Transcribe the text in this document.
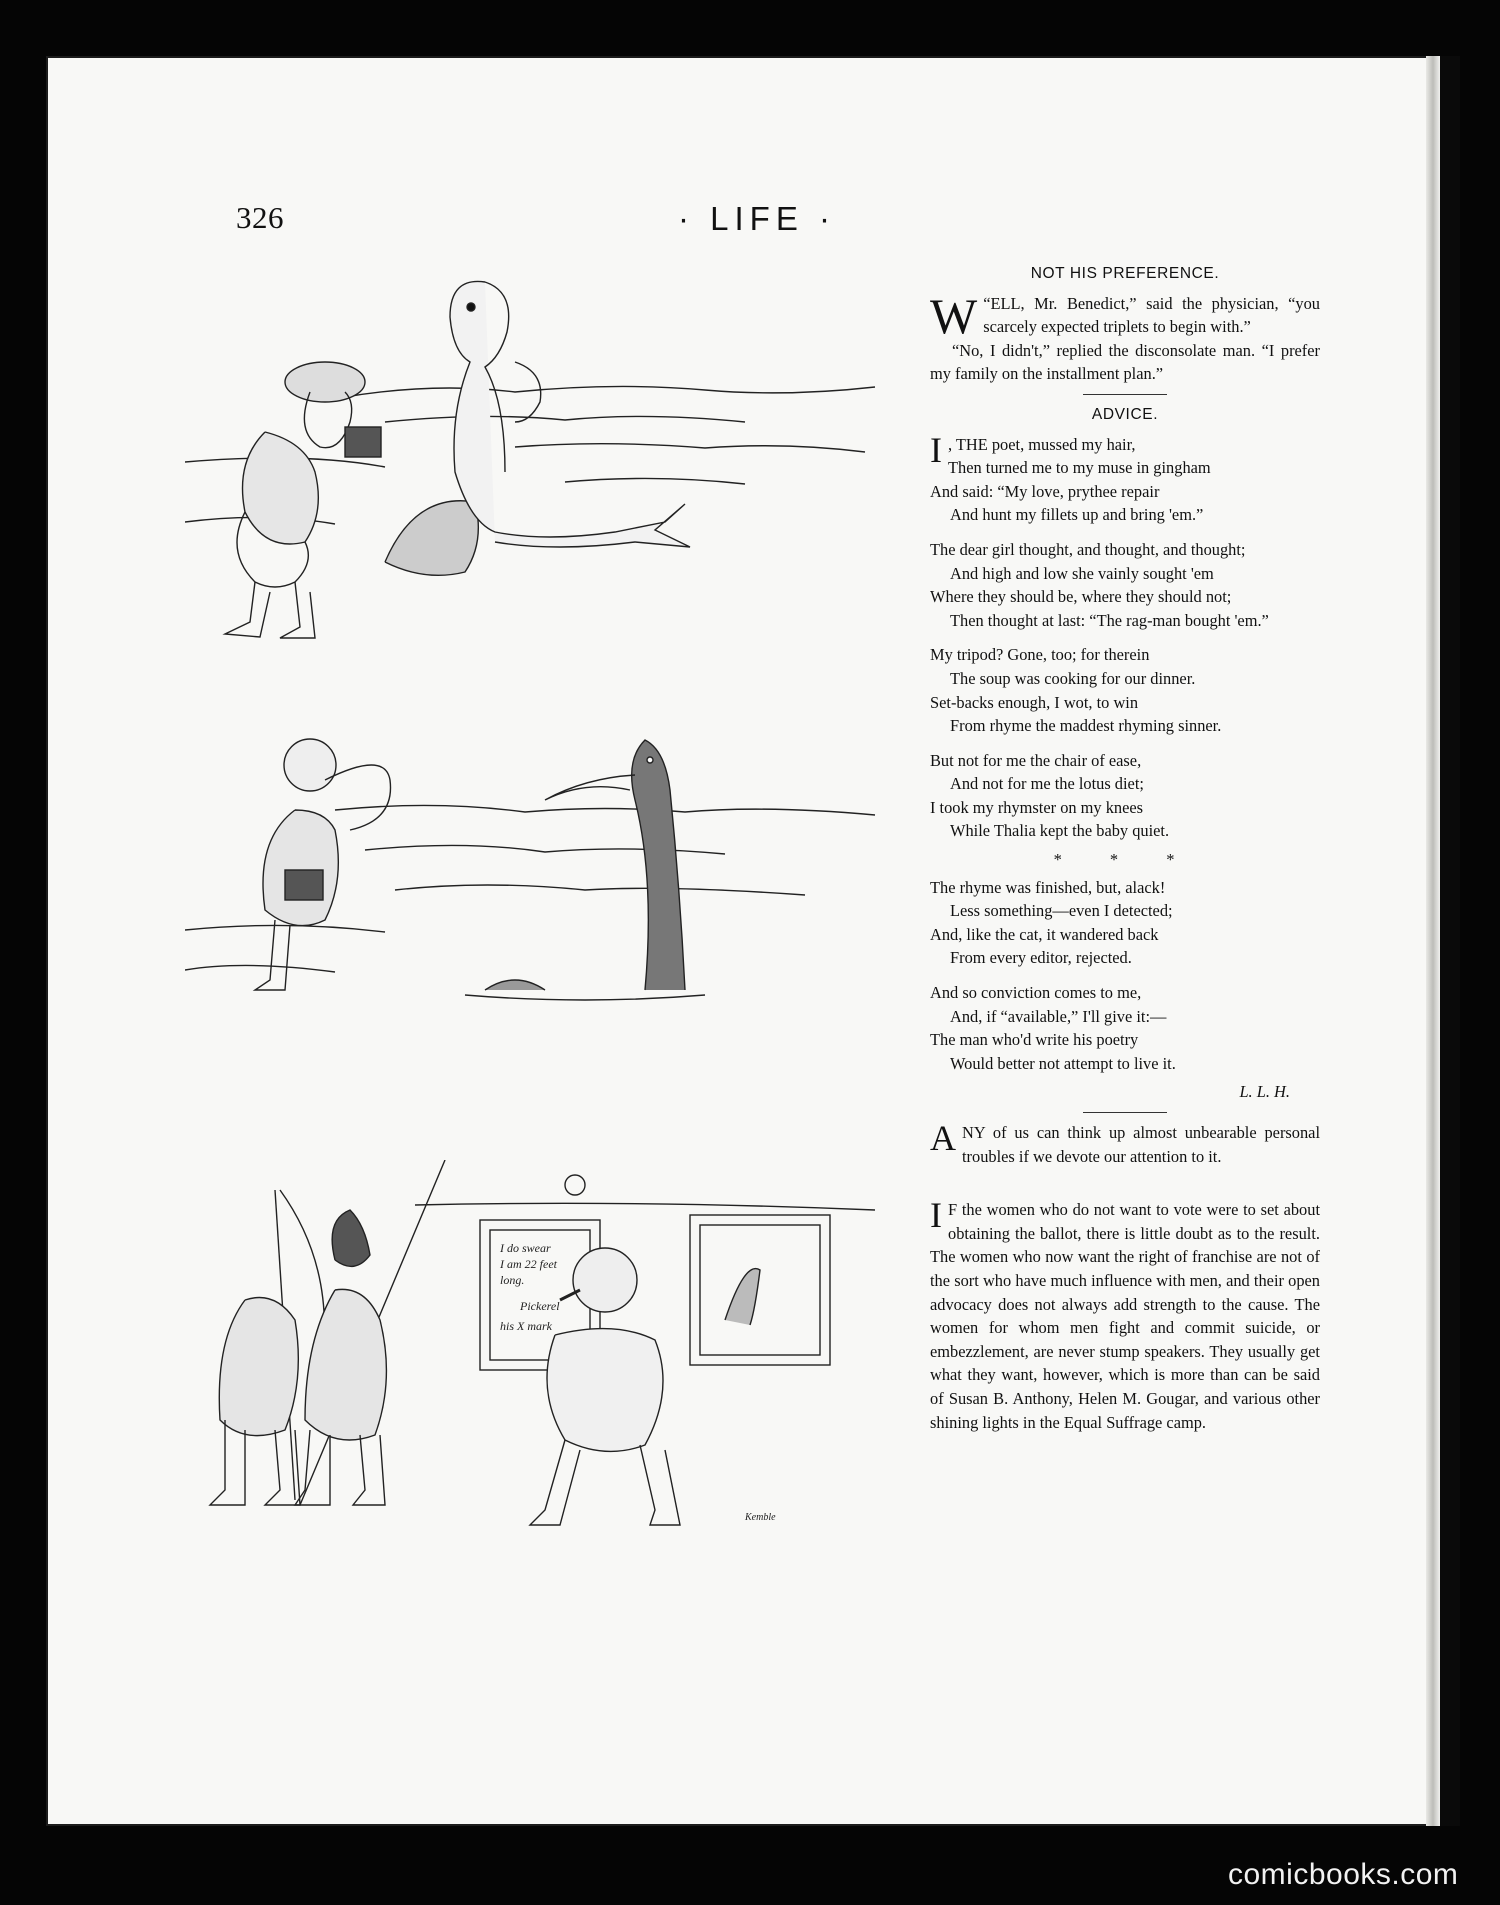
326	· LIFE ·
I do swear
I am 22 feet
long.
Pickerel
his X mark
Kemble
NOT HIS PREFERENCE.

“
W ELL, Mr. Benedict,” said the physician, “you scarcely expected triplets to begin with.”

“No, I didn't,” replied the disconsolate man. “I prefer my family on the installment plan.”

ADVICE.
I , THE poet, mussed my hair,
Then turned me to my muse in gingham
And said: “My love, prythee repair
And hunt my fillets up and bring 'em.”
The dear girl thought, and thought, and thought;
And high and low she vainly sought 'em
Where they should be, where they should not;
Then thought at last: “The rag-man bought 'em.”
My tripod? Gone, too; for therein
The soup was cooking for our dinner.
Set-backs enough, I wot, to win
From rhyme the maddest rhyming sinner.
But not for me the chair of ease,
And not for me the lotus diet;
I took my rhymster on my knees
While Thalia kept the baby quiet.
* * *
The rhyme was finished, but, alack!
Less something—even I detected;
And, like the cat, it wandered back
From every editor, rejected.
And so conviction comes to me,
And, if “available,” I'll give it:—
The man who'd write his poetry
Would better not attempt to live it.
L. L. H.

ANY of us can think up almost unbearable personal troubles if we devote our attention to it.

I F the women who do not want to vote were to set about obtaining the ballot, there is little doubt as to the result. The women who now want the right of franchise are not of the sort who have much influence with men, and their open advocacy does not always add strength to the cause. The women for whom men fight and commit suicide, or embezzlement, are never stump speakers. They usually get what they want, however, which is more than can be said of Susan B. Anthony, Helen M. Gougar, and various other shining lights in the Equal Suffrage camp.

comicbooks.com
